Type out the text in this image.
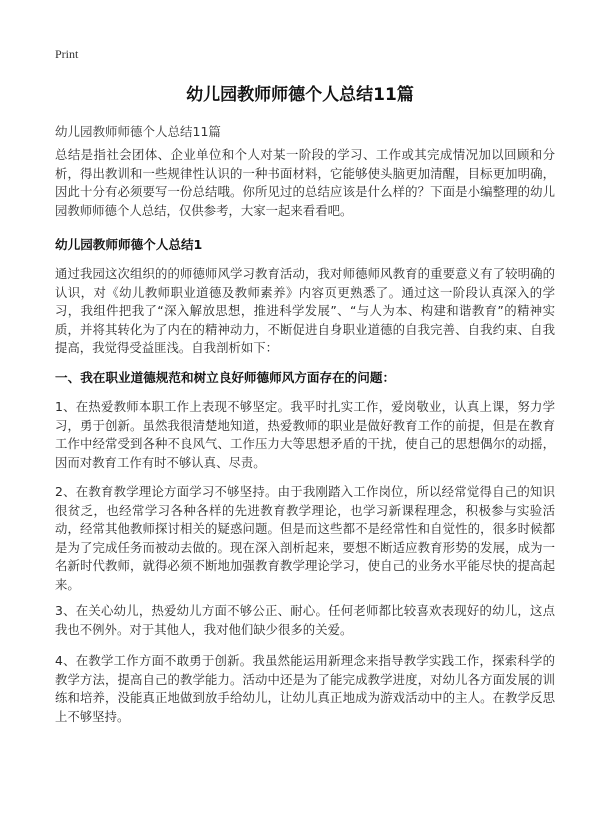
Print
幼儿园教师师德个人总结11篇
幼儿园教师师德个人总结11篇
总结是指社会团体、企业单位和个人对某一阶段的学习、工作或其完成情况加以回顾和分析，得出教训和一些规律性认识的一种书面材料，它能够使头脑更加清醒，目标更加明确，因此十分有必须要写一份总结哦。你所见过的总结应该是什么样的？下面是小编整理的幼儿园教师师德个人总结，仅供参考，大家一起来看看吧。
幼儿园教师师德个人总结1
通过我园这次组织的的师德师风学习教育活动，我对师德师风教育的重要意义有了较明确的认识，对《幼儿教师职业道德及教师素养》内容页更熟悉了。通过这一阶段认真深入的学习，我组件把我了“深入解放思想，推进科学发展”、“与人为本、构建和谐教育”的精神实质，并将其转化为了内在的精神动力，不断促进自身职业道德的自我完善、自我约束、自我提高，我觉得受益匪浅。自我剖析如下：
一、我在职业道德规范和树立良好师德师风方面存在的问题：
1、在热爱教师本职工作上表现不够坚定。我平时扎实工作，爱岗敬业，认真上课，努力学习，勇于创新。虽然我很清楚地知道，热爱教师的职业是做好教育工作的前提，但是在教育工作中经常受到各种不良风气、工作压力大等思想矛盾的干扰，使自己的思想偶尔的动摇，因而对教育工作有时不够认真、尽责。
2、在教育教学理论方面学习不够坚持。由于我刚踏入工作岗位，所以经常觉得自己的知识很贫乏，也经常学习各种各样的先进教育教学理论，也学习新课程理念，积极参与实验活动，经常其他教师探讨相关的疑惑问题。但是而这些都不是经常性和自觉性的，很多时候都是为了完成任务而被动去做的。现在深入剖析起来，要想不断适应教育形势的发展，成为一名新时代教师，就得必须不断地加强教育教学理论学习，使自己的业务水平能尽快的提高起来。
3、在关心幼儿，热爱幼儿方面不够公正、耐心。任何老师都比较喜欢表现好的幼儿，这点我也不例外。对于其他人，我对他们缺少很多的关爱。
4、在教学工作方面不敢勇于创新。我虽然能运用新理念来指导教学实践工作，探索科学的教学方法，提高自己的教学能力。活动中还是为了能完成教学进度，对幼儿各方面发展的训练和培养，没能真正地做到放手给幼儿，让幼儿真正地成为游戏活动中的主人。在教学反思上不够坚持。
